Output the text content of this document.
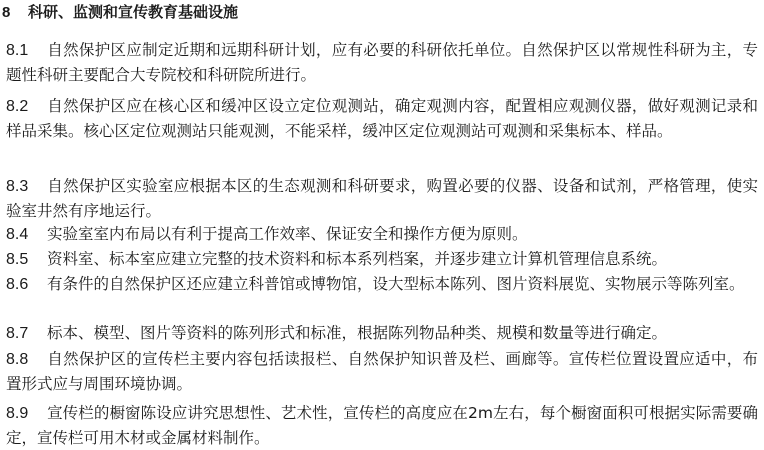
8 科研、监测和宣传教育基础设施
8.1 自然保护区应制定近期和远期科研计划，应有必要的科研依托单位。自然保护区以常规性科研为主，专题性科研主要配合大专院校和科研院所进行。
8.2 自然保护区应在核心区和缓冲区设立定位观测站，确定观测内容，配置相应观测仪器，做好观测记录和样品采集。核心区定位观测站只能观测，不能采样，缓冲区定位观测站可观测和采集标本、样品。
8.3 自然保护区实验室应根据本区的生态观测和科研要求，购置必要的仪器、设备和试剂，严格管理，使实验室井然有序地运行。
8.4 实验室室内布局以有利于提高工作效率、保证安全和操作方便为原则。
8.5 资料室、标本室应建立完整的技术资料和标本系列档案，并逐步建立计算机管理信息系统。
8.6 有条件的自然保护区还应建立科普馆或博物馆，设大型标本陈列、图片资料展览、实物展示等陈列室。
8.7 标本、模型、图片等资料的陈列形式和标准，根据陈列物品种类、规模和数量等进行确定。
8.8 自然保护区的宣传栏主要内容包括读报栏、自然保护知识普及栏、画廊等。宣传栏位置设置应适中，布置形式应与周围环境协调。
8.9 宣传栏的橱窗陈设应讲究思想性、艺术性，宣传栏的高度应在2m左右，每个橱窗面积可根据实际需要确定，宣传栏可用木材或金属材料制作。
